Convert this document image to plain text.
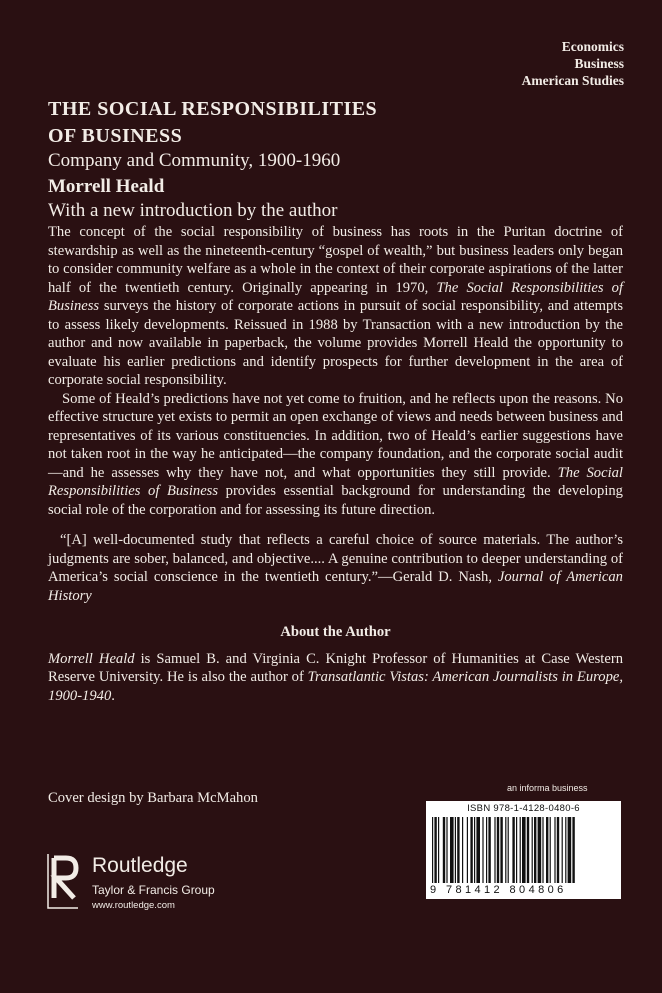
Economics
Business
American Studies
THE SOCIAL RESPONSIBILITIES
OF BUSINESS
Company and Community, 1900-1960
Morrell Heald
With a new introduction by the author

The concept of the social responsibility of business has roots in the Puritan doctrine of stewardship as well as the nineteenth-century “gospel of wealth,” but business leaders only began to consider community welfare as a whole in the context of their corporate aspirations of the latter half of the twentieth century. Originally appearing in 1970, The Social Responsibilities of Business surveys the history of corporate actions in pursuit of social responsibility, and attempts to assess likely developments. Reissued in 1988 by Transaction with a new introduction by the author and now available in paperback, the volume provides Morrell Heald the opportunity to evaluate his earlier predictions and identify prospects for further development in the area of corporate social responsibility.

Some of Heald’s predictions have not yet come to fruition, and he reflects upon the reasons. No effective structure yet exists to permit an open exchange of views and needs between business and representatives of its various constituencies. In addition, two of Heald’s earlier suggestions have not taken root in the way he anticipated—the company foundation, and the corporate social audit—and he assesses why they have not, and what opportunities they still provide. The Social Responsibilities of Business provides essential background for understanding the developing social role of the corporation and for assessing its future direction.

“[A] well-documented study that reflects a careful choice of source materials. The author’s judgments are sober, balanced, and objective.... A genuine contribution to deeper understanding of America’s social conscience in the twentieth century.”—Gerald D. Nash, Journal of American History

About the Author

Morrell Heald is Samuel B. and Virginia C. Knight Professor of Humanities at Case Western Reserve University. He is also the author of Transatlantic Vistas: American Journalists in Europe, 1900-1940.

Cover design by Barbara McMahon
an informa business
ISBN 978-1-4128-0480-6
9 781412 804806
Routledge
Taylor & Francis Group
www.routledge.com
